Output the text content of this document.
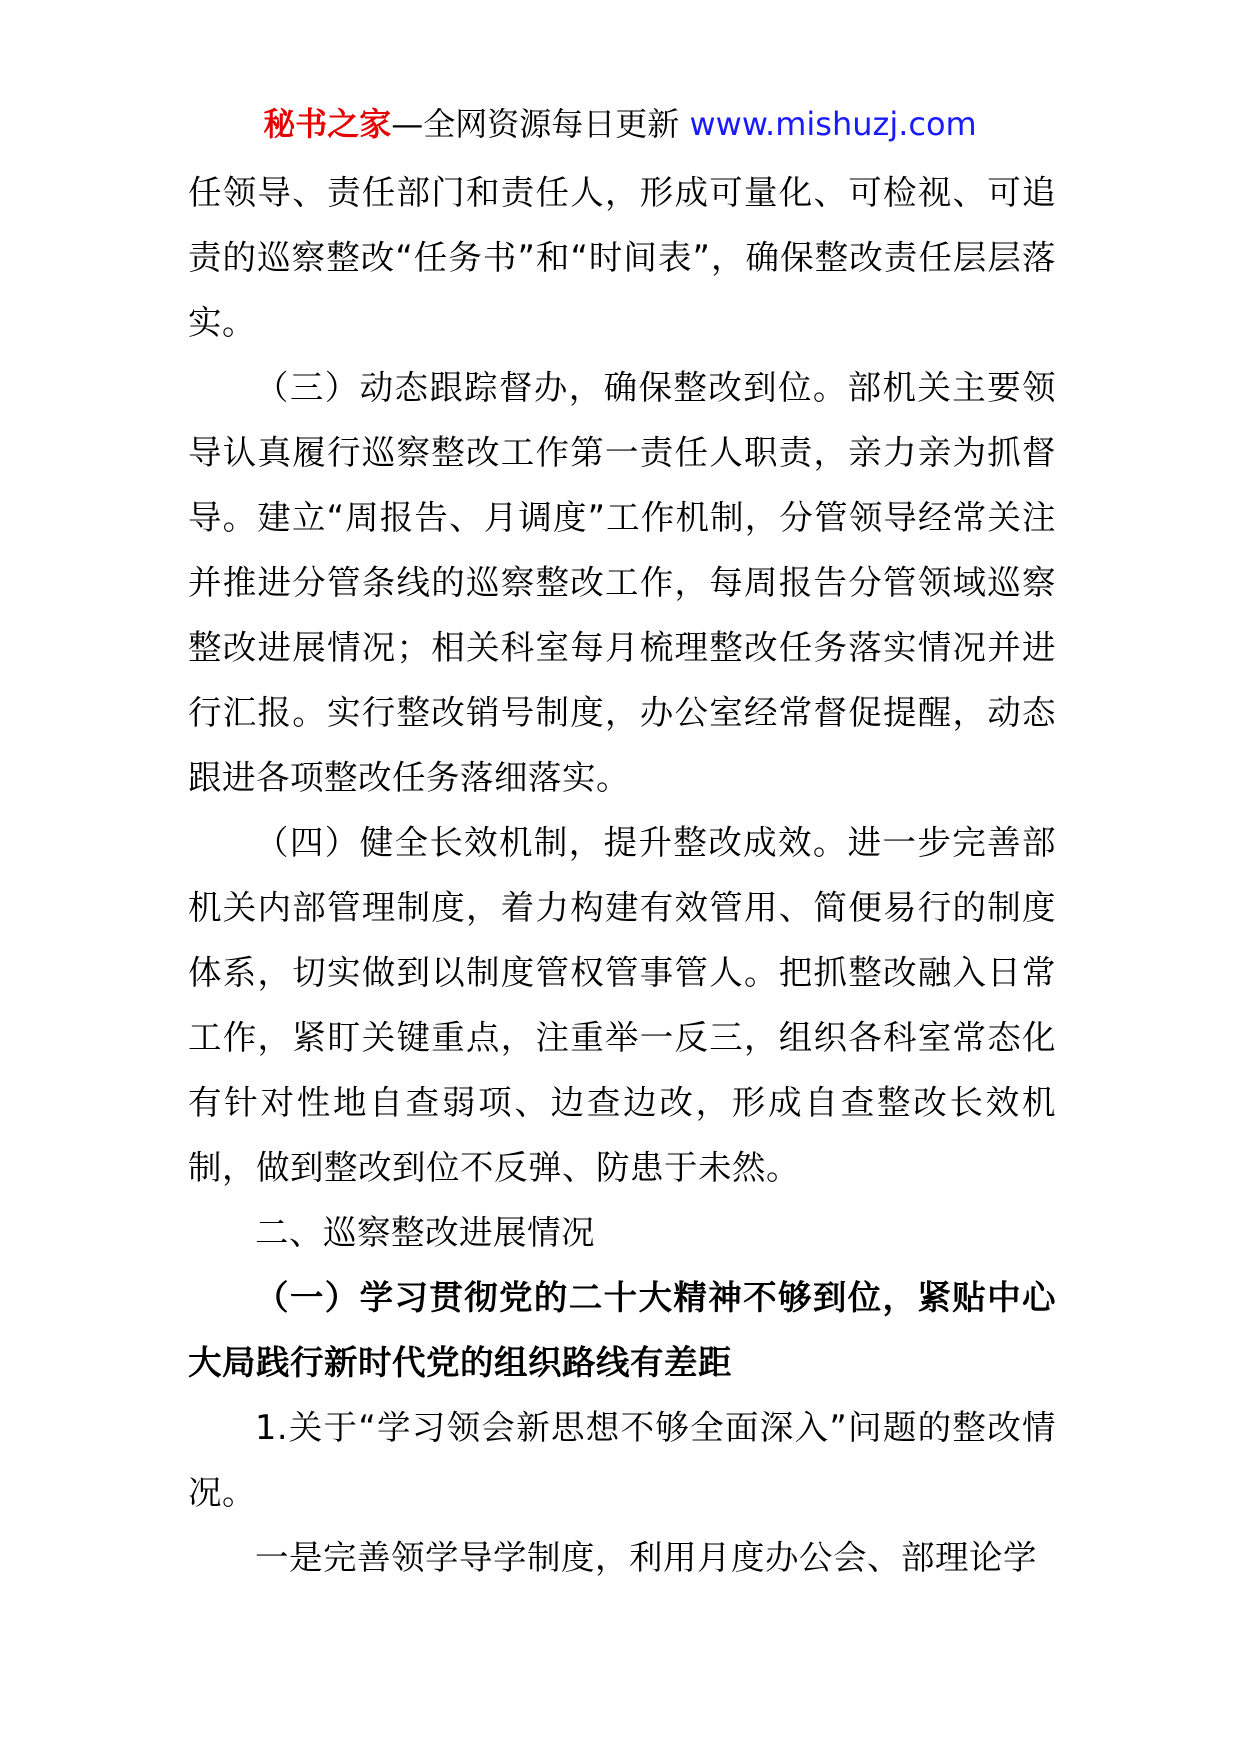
秘书之家—全网资源每日更新 www.mishuzj.com

任领导、责任部门和责任人，形成可量化、可检视、可追责的巡察整改“任务书”和“时间表”，确保整改责任层层落实。

（三）动态跟踪督办，确保整改到位。部机关主要领导认真履行巡察整改工作第一责任人职责，亲力亲为抓督导。建立“周报告、月调度”工作机制，分管领导经常关注并推进分管条线的巡察整改工作，每周报告分管领域巡察整改进展情况；相关科室每月梳理整改任务落实情况并进行汇报。实行整改销号制度，办公室经常督促提醒，动态跟进各项整改任务落细落实。

（四）健全长效机制，提升整改成效。进一步完善部机关内部管理制度，着力构建有效管用、简便易行的制度体系，切实做到以制度管权管事管人。把抓整改融入日常工作，紧盯关键重点，注重举一反三，组织各科室常态化有针对性地自查弱项、边查边改，形成自查整改长效机制，做到整改到位不反弹、防患于未然。

二、巡察整改进展情况

（一）学习贯彻党的二十大精神不够到位，紧贴中心大局践行新时代党的组织路线有差距

1.关于“学习领会新思想不够全面深入”问题的整改情况。

一是完善领学导学制度，利用月度办公会、部理论学
